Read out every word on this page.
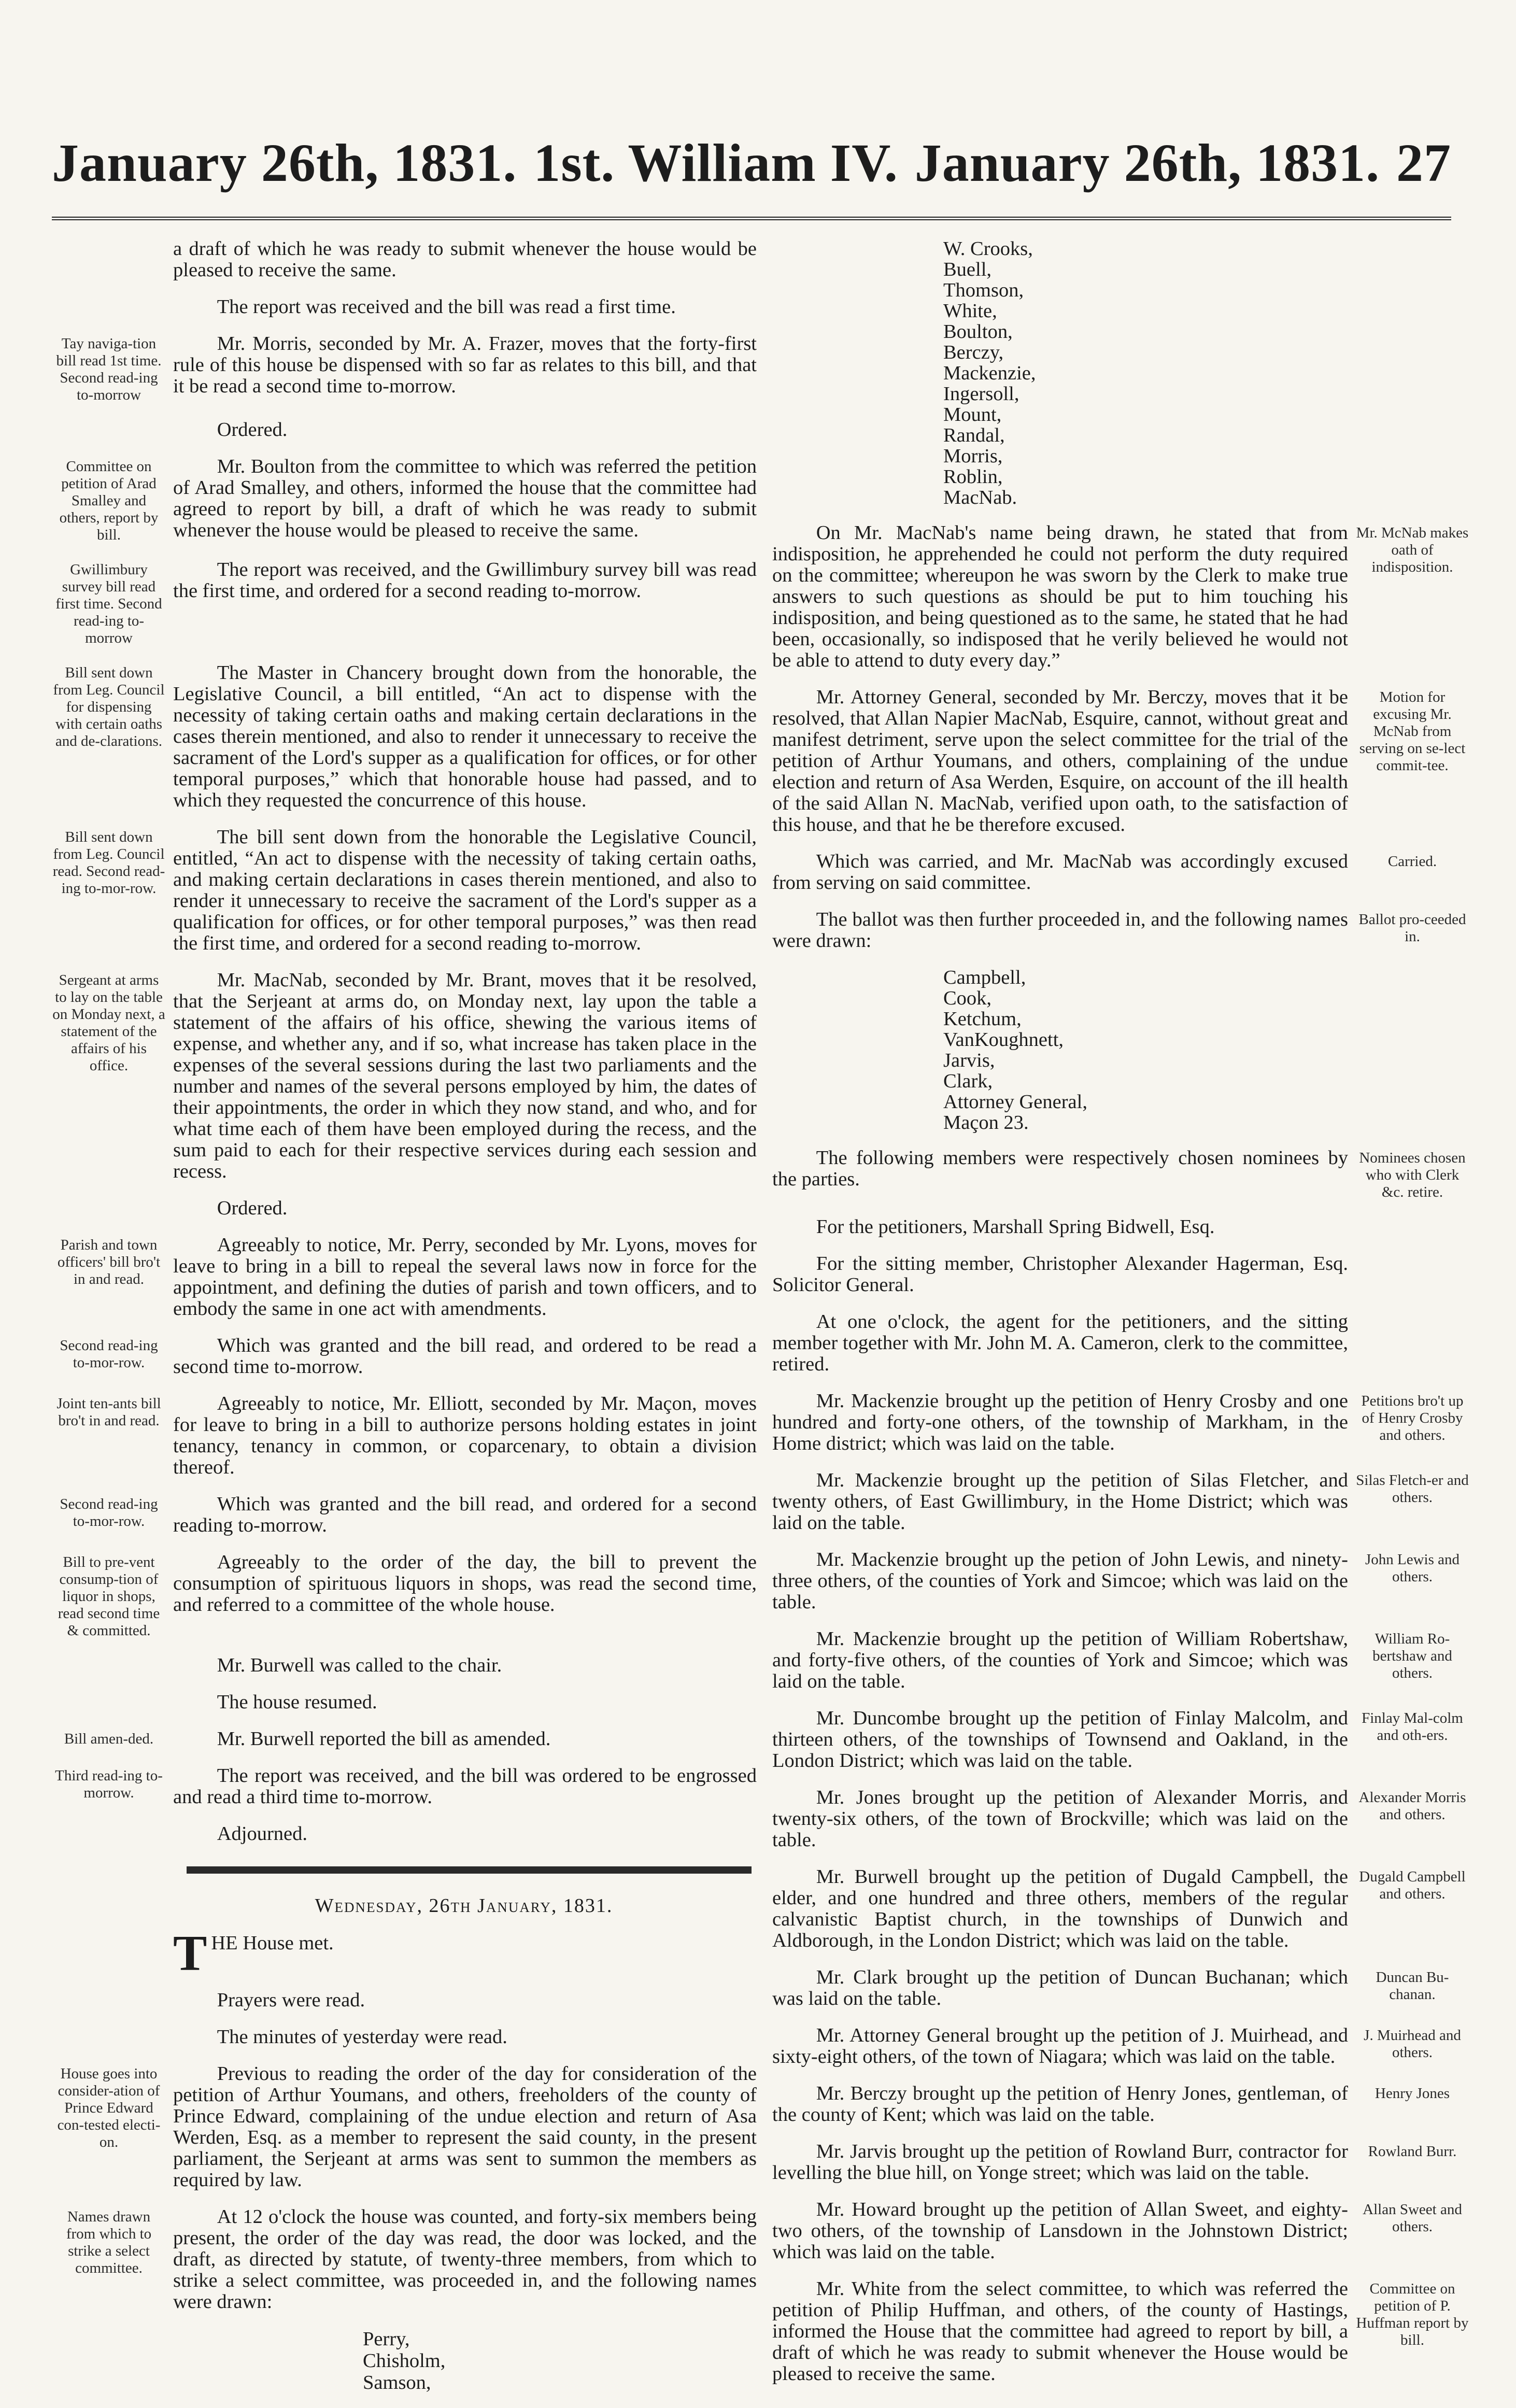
January 26th, 1831. 1st. William IV. January 26th, 1831. 27
a draft of which he was ready to submit whenever the house would be pleased to receive the same.
The report was received and the bill was read a first time.
Tay naviga-tion bill read 1st time. Second read-ing to-morrow
Mr. Morris, seconded by Mr. A. Frazer, moves that the forty-first rule of this house be dispensed with so far as relates to this bill, and that it be read a second time to-morrow.
Ordered.
Committee on petition of Arad Smalley and others, report by bill.
Mr. Boulton from the committee to which was referred the petition of Arad Smalley, and others, informed the house that the committee had agreed to report by bill, a draft of which he was ready to submit whenever the house would be pleased to receive the same.
Gwillimbury survey bill read first time. Second read-ing to-morrow
The report was received, and the Gwillimbury survey bill was read the first time, and ordered for a second reading to-morrow.
Bill sent down from Leg. Council for dispensing with certain oaths and de-clarations.
The Master in Chancery brought down from the honorable, the Legislative Council, a bill entitled, “An act to dispense with the necessity of taking certain oaths and making certain declarations in the cases therein mentioned, and also to render it unnecessary to receive the sacrament of the Lord's supper as a qualification for offices, or for other temporal purposes,” which that honorable house had passed, and to which they requested the concurrence of this house.
Bill sent down from Leg. Council read. Second read-ing to-mor-row.
The bill sent down from the honorable the Legislative Council, entitled, “An act to dispense with the necessity of taking certain oaths, and making certain declarations in cases therein mentioned, and also to render it unnecessary to receive the sacrament of the Lord's supper as a qualification for offices, or for other temporal purposes,” was then read the first time, and ordered for a second reading to-morrow.
Sergeant at arms to lay on the table on Monday next, a statement of the affairs of his office.
Mr. MacNab, seconded by Mr. Brant, moves that it be resolved, that the Serjeant at arms do, on Monday next, lay upon the table a statement of the affairs of his office, shewing the various items of expense, and whether any, and if so, what increase has taken place in the expenses of the several sessions during the last two parliaments and the number and names of the several persons employed by him, the dates of their appointments, the order in which they now stand, and who, and for what time each of them have been employed during the recess, and the sum paid to each for their respective services during each session and recess.
Ordered.
Parish and town officers' bill bro't in and read.
Agreeably to notice, Mr. Perry, seconded by Mr. Lyons, moves for leave to bring in a bill to repeal the several laws now in force for the appointment, and defining the duties of parish and town officers, and to embody the same in one act with amendments.
Second read-ing to-mor-row.
Which was granted and the bill read, and ordered to be read a second time to-morrow.
Joint ten-ants bill bro't in and read.
Agreeably to notice, Mr. Elliott, seconded by Mr. Maçon, moves for leave to bring in a bill to authorize persons holding estates in joint tenancy, tenancy in common, or coparcenary, to obtain a division thereof.
Second read-ing to-mor-row.
Which was granted and the bill read, and ordered for a second reading to-morrow.
Bill to pre-vent consump-tion of liquor in shops, read second time & committed.
Agreeably to the order of the day, the bill to prevent the consumption of spirituous liquors in shops, was read the second time, and referred to a committee of the whole house.
Mr. Burwell was called to the chair.
The house resumed.
Bill amen-ded.	Mr. Burwell reported the bill as amended.
Third read-ing to-morrow.
The report was received, and the bill was ordered to be engrossed and read a third time to-morrow.
Adjourned.
Wednesday, 26th January, 1831.
THE House met.
Prayers were read.
The minutes of yesterday were read.
House goes into consider-ation of Prince Edward con-tested electi-on.
Previous to reading the order of the day for consideration of the petition of Arthur Youmans, and others, freeholders of the county of Prince Edward, complaining of the undue election and return of Asa Werden, Esq. as a member to represent the said county, in the present parliament, the Serjeant at arms was sent to summon the members as required by law.
Names drawn from which to strike a select committee.
At 12 o'clock the house was counted, and forty-six members being present, the order of the day was read, the door was locked, and the draft, as directed by statute, of twenty-three members, from which to strike a select committee, was proceeded in, and the following names were drawn:
Perry,
Chisholm,
Samson,
W. Crooks,
Buell,
Thomson,
White,
Boulton,
Berczy,
Mackenzie,
Ingersoll,
Mount,
Randal,
Morris,
Roblin,
MacNab.
Mr. McNab makes oath of indisposition.
On Mr. MacNab's name being drawn, he stated that from indisposition, he apprehended he could not perform the duty required on the committee; whereupon he was sworn by the Clerk to make true answers to such questions as should be put to him touching his indisposition, and being questioned as to the same, he stated that he had been, occasionally, so indisposed that he verily believed he would not be able to attend to duty every day.”
Motion for excusing Mr. McNab from serving on se-lect commit-tee.
Mr. Attorney General, seconded by Mr. Berczy, moves that it be resolved, that Allan Napier MacNab, Esquire, cannot, without great and manifest detriment, serve upon the select committee for the trial of the petition of Arthur Youmans, and others, complaining of the undue election and return of Asa Werden, Esquire, on account of the ill health of the said Allan N. MacNab, verified upon oath, to the satisfaction of this house, and that he be therefore excused.
Carried.
Which was carried, and Mr. MacNab was accordingly excused from serving on said committee.
Ballot pro-ceeded in.
The ballot was then further proceeded in, and the following names were drawn:
Campbell,
Cook,
Ketchum,
VanKoughnett,
Jarvis,
Clark,
Attorney General,
Maçon 23.
Nominees chosen who with Clerk &c. retire.
The following members were respectively chosen nominees by the parties.
For the petitioners, Marshall Spring Bidwell, Esq.
For the sitting member, Christopher Alexander Hagerman, Esq. Solicitor General.
At one o'clock, the agent for the petitioners, and the sitting member together with Mr. John M. A. Cameron, clerk to the committee, retired.
Petitions bro't up of Henry Crosby and others.
Mr. Mackenzie brought up the petition of Henry Crosby and one hundred and forty-one others, of the township of Markham, in the Home district; which was laid on the table.
Silas Fletch-er and others.
Mr. Mackenzie brought up the petition of Silas Fletcher, and twenty others, of East Gwillimbury, in the Home District; which was laid on the table.
John Lewis and others.
Mr. Mackenzie brought up the petion of John Lewis, and ninety-three others, of the counties of York and Simcoe; which was laid on the table.
William Ro-bertshaw and others.
Mr. Mackenzie brought up the petition of William Robertshaw, and forty-five others, of the counties of York and Simcoe; which was laid on the table.
Finlay Mal-colm and oth-ers.
Mr. Duncombe brought up the petition of Finlay Malcolm, and thirteen others, of the townships of Townsend and Oakland, in the London District; which was laid on the table.
Alexander Morris and others.
Mr. Jones brought up the petition of Alexander Morris, and twenty-six others, of the town of Brockville; which was laid on the table.
Dugald Campbell and others.
Mr. Burwell brought up the petition of Dugald Campbell, the elder, and one hundred and three others, members of the regular calvanistic Baptist church, in the townships of Dunwich and Aldborough, in the London District; which was laid on the table.
Duncan Bu-chanan.
Mr. Clark brought up the petition of Duncan Buchanan; which was laid on the table.
J. Muirhead and others.
Mr. Attorney General brought up the petition of J. Muirhead, and sixty-eight others, of the town of Niagara; which was laid on the table.
Henry Jones
Mr. Berczy brought up the petition of Henry Jones, gentleman, of the county of Kent; which was laid on the table.
Rowland Burr.
Mr. Jarvis brought up the petition of Rowland Burr, contractor for levelling the blue hill, on Yonge street; which was laid on the table.
Allan Sweet and others.
Mr. Howard brought up the petition of Allan Sweet, and eighty-two others, of the township of Lansdown in the Johnstown District; which was laid on the table.
Committee on petition of P. Huffman report by bill.
Mr. White from the select committee, to which was referred the petition of Philip Huffman, and others, of the county of Hastings, informed the House that the committee had agreed to report by bill, a draft of which he was ready to submit whenever the House would be pleased to receive the same.
